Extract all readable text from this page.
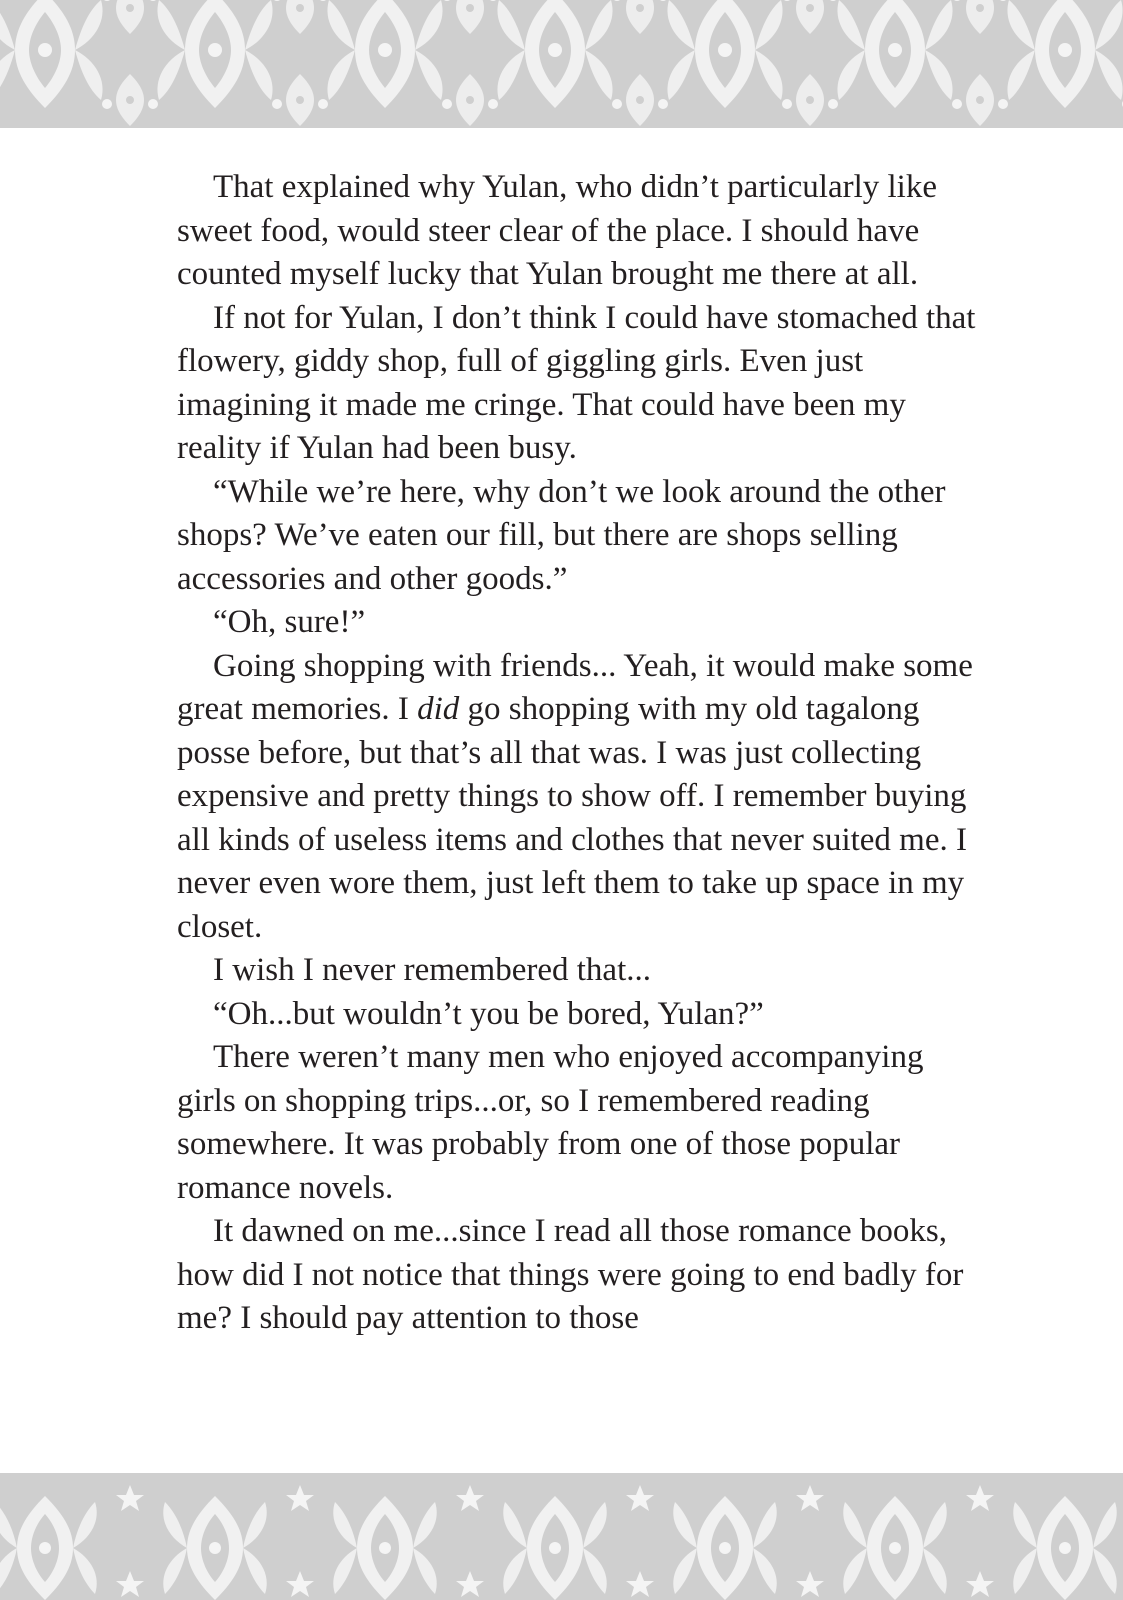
That explained why Yulan, who didn’t particularly like sweet food, would steer clear of the place. I should have counted myself lucky that Yulan brought me there at all.

If not for Yulan, I don’t think I could have stomached that flowery, giddy shop, full of giggling girls. Even just imagining it made me cringe. That could have been my reality if Yulan had been busy.

“While we’re here, why don’t we look around the other shops? We’ve eaten our fill, but there are shops selling accessories and other goods.”

“Oh, sure!”

Going shopping with friends... Yeah, it would make some great memories. I did go shopping with my old tagalong posse before, but that’s all that was. I was just collecting expensive and pretty things to show off. I remember buying all kinds of useless items and clothes that never suited me. I never even wore them, just left them to take up space in my closet.

I wish I never remembered that...

“Oh...but wouldn’t you be bored, Yulan?”

There weren’t many men who enjoyed accompanying girls on shopping trips...or, so I remembered reading somewhere. It was probably from one of those popular romance novels.

It dawned on me...since I read all those romance books, how did I not notice that things were going to end badly for me? I should pay attention to those
